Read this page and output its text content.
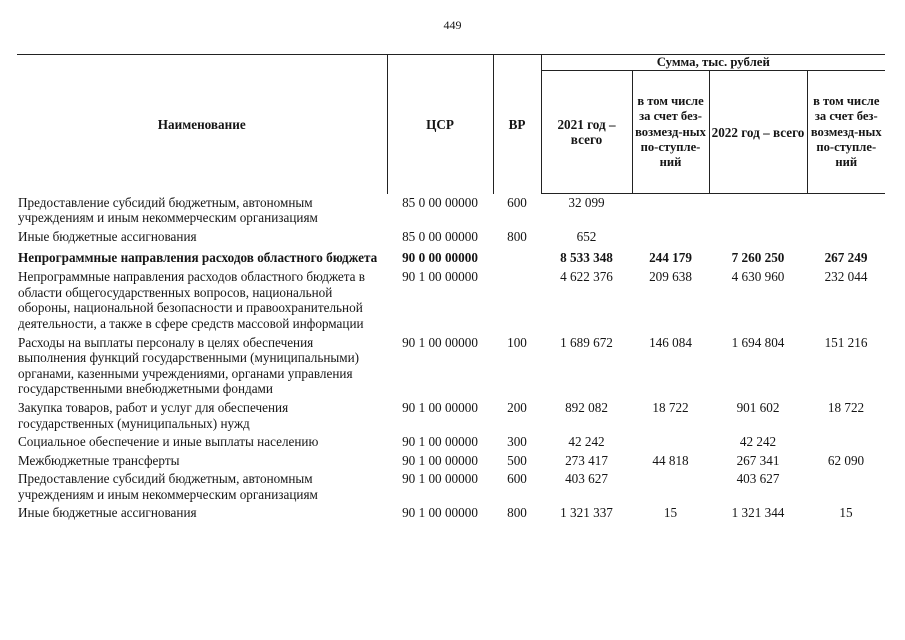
449
Наименование	ЦСР	ВР	Сумма, тыс. рублей			
			2021 год – всего	в том числе за счет без-возмезд-ных по-ступле-ний	2022 год – всего	в том числе за счет без-возмезд-ных по-ступле-ний
Предоставление субсидий бюджетным, автономным учреждениям и иным некоммерческим организациям	85 0 00 00000	600	32 099			
Иные бюджетные ассигнования	85 0 00 00000	800	652			
Непрограммные направления расходов областного бюджета	90 0 00 00000		8 533 348	244 179	7 260 250	267 249
Непрограммные направления расходов областного бюджета в области общегосударственных вопросов, национальной обороны, национальной безопасности и правоохранительной деятельности, а также в сфере средств массовой информации	90 1 00 00000		4 622 376	209 638	4 630 960	232 044
Расходы на выплаты персоналу в целях обеспечения выполнения функций государственными (муниципальными) органами, казенными учреждениями, органами управления государственными внебюджетными фондами	90 1 00 00000	100	1 689 672	146 084	1 694 804	151 216
Закупка товаров, работ и услуг для обеспечения государственных (муниципальных) нужд	90 1 00 00000	200	892 082	18 722	901 602	18 722
Социальное обеспечение и иные выплаты населению	90 1 00 00000	300	42 242		42 242	
Межбюджетные трансферты	90 1 00 00000	500	273 417	44 818	267 341	62 090
Предоставление субсидий бюджетным, автономным учреждениям и иным некоммерческим организациям	90 1 00 00000	600	403 627		403 627	
Иные бюджетные ассигнования	90 1 00 00000	800	1 321 337	15	1 321 344	15
